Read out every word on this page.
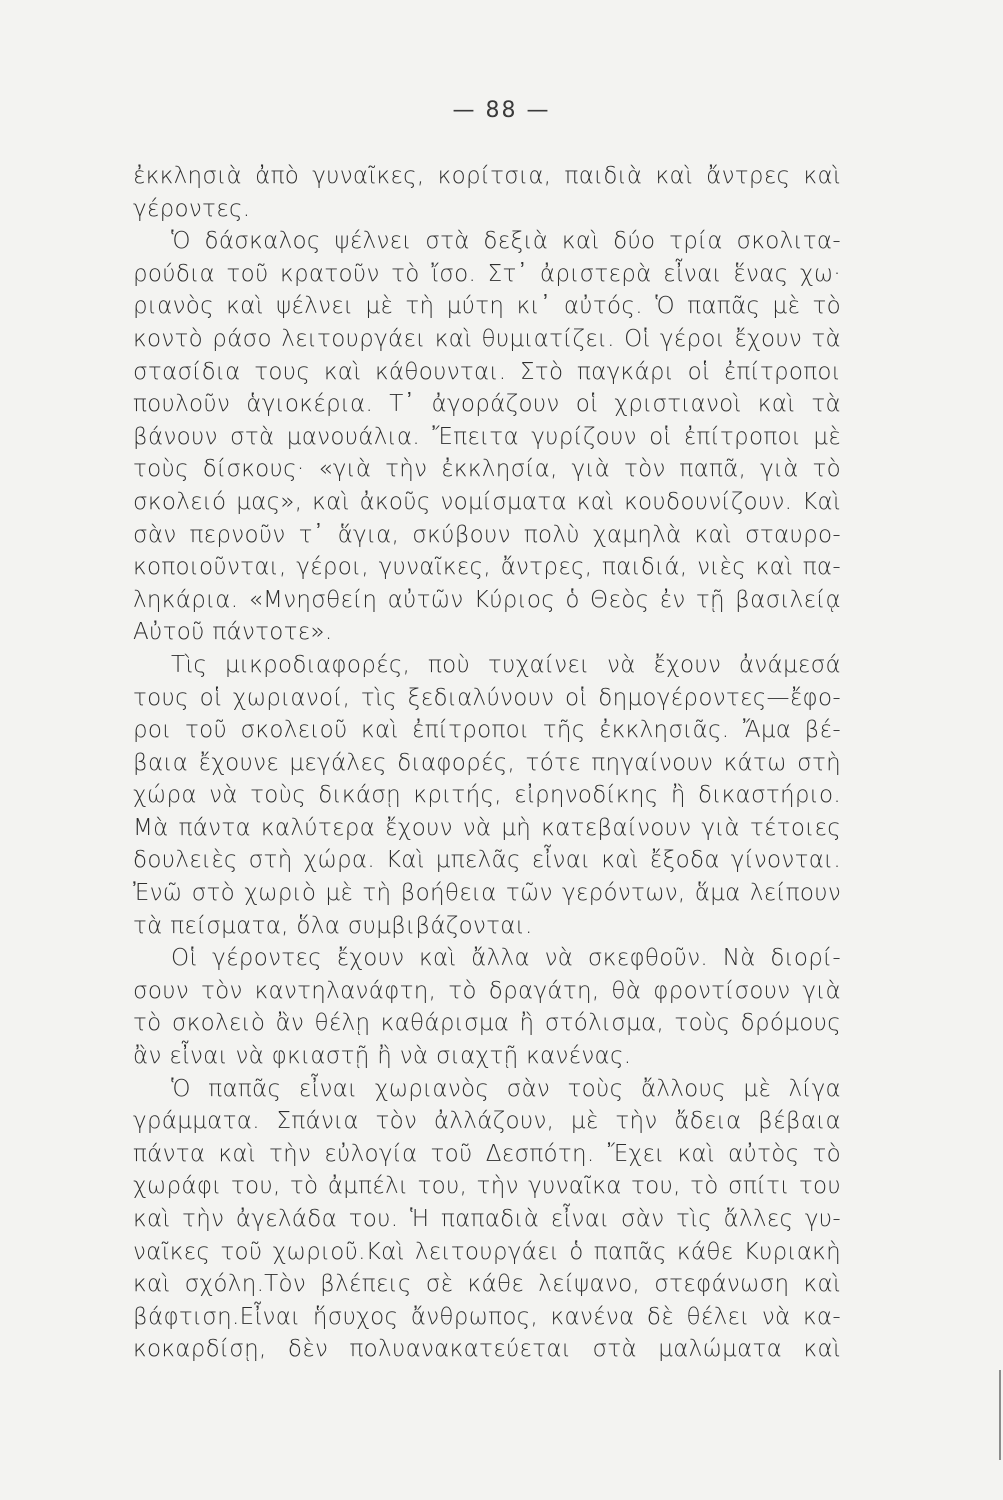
— 88 —
ἐκκλησιὰ ἀπὸ γυναῖκες, κορίτσια, παιδιὰ καὶ ἄντρες καὶ
γέροντες.
Ὁ δάσκαλος ψέλνει στὰ δεξιὰ καὶ δύο τρία σκολιτα-
ρούδια τοῦ κρατοῦν τὸ ἴσο. Στ᾽ ἀριστερὰ εἶναι ἕνας χω·
ριανὸς καὶ ψέλνει μὲ τὴ μύτη κι᾽ αὐτός. Ὁ παπᾶς μὲ τὸ
κοντὸ ράσο λειτουργάει καὶ θυμιατίζει. Οἱ γέροι ἔχουν τὰ
στασίδια τους καὶ κάθουνται. Στὸ παγκάρι οἱ ἐπίτροποι
πουλοῦν ἁγιοκέρια. Τ᾽ ἀγοράζουν οἱ χριστιανοὶ καὶ τὰ
βάνουν στὰ μανουάλια. Ἔπειτα γυρίζουν οἱ ἐπίτροποι μὲ
τοὺς δίσκους· «γιὰ τὴν ἐκκλησία, γιὰ τὸν παπᾶ, γιὰ τὸ
σκολειό μας», καὶ ἀκοῦς νομίσματα καὶ κουδουνίζουν. Καὶ
σὰν περνοῦν τ᾽ ἅγια, σκύβουν πολὺ χαμηλὰ καὶ σταυρο-
κοποιοῦνται, γέροι, γυναῖκες, ἄντρες, παιδιά, νιὲς καὶ πα-
ληκάρια. «Μνησθείη αὐτῶν Κύριος ὁ Θεὸς ἐν τῇ βασιλείᾳ
Αὐτοῦ πάντοτε».
Τὶς μικροδιαφορές, ποὺ τυχαίνει νὰ ἔχουν ἀνάμεσά
τους οἱ χωριανοί, τὶς ξεδιαλύνουν οἱ δημογέροντες—ἔφο-
ροι τοῦ σκολειοῦ καὶ ἐπίτροποι τῆς ἐκκλησιᾶς. Ἄμα βέ-
βαια ἔχουνε μεγάλες διαφορές, τότε πηγαίνουν κάτω στὴ
χώρα νὰ τοὺς δικάσῃ κριτής, εἰρηνοδίκης ἢ δικαστήριο.
Μὰ πάντα καλύτερα ἔχουν νὰ μὴ κατεβαίνουν γιὰ τέτοιες
δουλειὲς στὴ χώρα. Καὶ μπελᾶς εἶναι καὶ ἔξοδα γίνονται.
Ἐνῶ στὸ χωριὸ μὲ τὴ βοήθεια τῶν γερόντων, ἅμα λείπουν
τὰ πείσματα, ὅλα συμβιβάζονται.
Οἱ γέροντες ἔχουν καὶ ἄλλα νὰ σκεφθοῦν. Νὰ διορί-
σουν τὸν καντηλανάφτη, τὸ δραγάτη, θὰ φροντίσουν γιὰ
τὸ σκολειὸ ἂν θέλῃ καθάρισμα ἢ στόλισμα, τοὺς δρόμους
ἂν εἶναι νὰ φκιαστῇ ἢ νὰ σιαχτῇ κανένας.
Ὁ παπᾶς εἶναι χωριανὸς σὰν τοὺς ἄλλους μὲ λίγα
γράμματα. Σπάνια τὸν ἀλλάζουν, μὲ τὴν ἄδεια βέβαια
πάντα καὶ τὴν εὐλογία τοῦ Δεσπότη. Ἔχει καὶ αὐτὸς τὸ
χωράφι του, τὸ ἀμπέλι του, τὴν γυναῖκα του, τὸ σπίτι του
καὶ τὴν ἀγελάδα του. Ἡ παπαδιὰ εἶναι σὰν τὶς ἄλλες γυ-
ναῖκες τοῦ χωριοῦ.Καὶ λειτουργάει ὁ παπᾶς κάθε Κυριακὴ
καὶ σχόλη.Τὸν βλέπεις σὲ κάθε λείψανο, στεφάνωση καὶ
βάφτιση.Εἶναι ἥσυχος ἄνθρωπος, κανένα δὲ θέλει νὰ κα-
κοκαρδίσῃ, δὲν πολυανακατεύεται στὰ μαλώματα καὶ
